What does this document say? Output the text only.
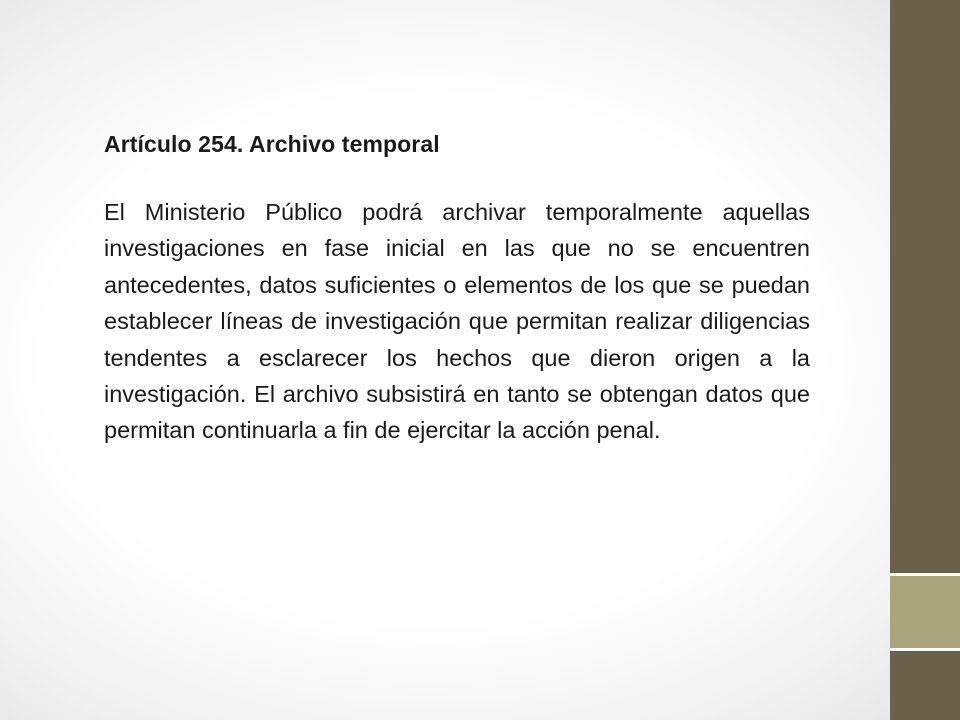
Artículo 254. Archivo temporal

El Ministerio Público podrá archivar temporalmente aquellas investigaciones en fase inicial en las que no se encuentren antecedentes, datos suficientes o elementos de los que se puedan establecer líneas de investigación que permitan realizar diligencias tendentes a esclarecer los hechos que dieron origen a la investigación. El archivo subsistirá en tanto se obtengan datos que permitan continuarla a fin de ejercitar la acción penal.
